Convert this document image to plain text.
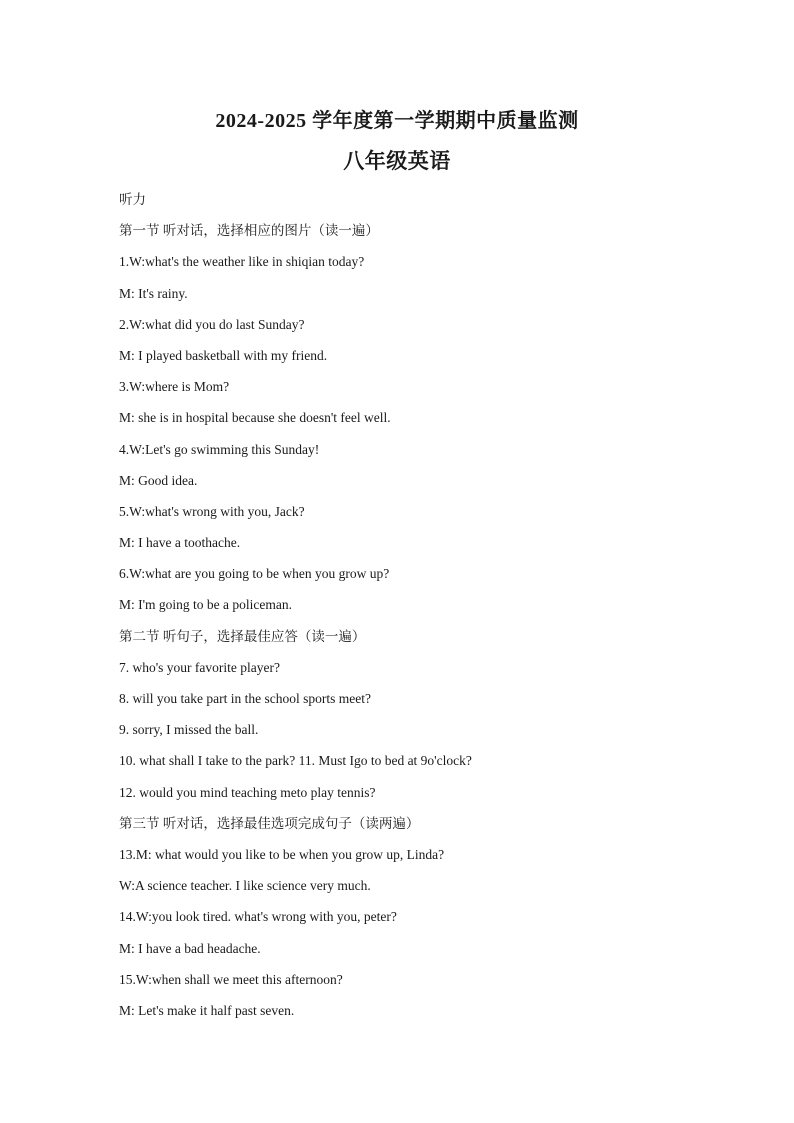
2024-2025 学年度第一学期期中质量监测
八年级英语
听力
第一节 听对话，选择相应的图片（读一遍）
1.W:what's the weather like in shiqian today?
M: It's rainy.
2.W:what did you do last Sunday?
M: I played basketball with my friend.
3.W:where is Mom?
M: she is in hospital because she doesn't feel well.
4.W:Let's go swimming this Sunday!
M: Good idea.
5.W:what's wrong with you, Jack?
M: I have a toothache.
6.W:what are you going to be when you grow up?
M: I'm going to be a policeman.
第二节 听句子，选择最佳应答（读一遍）
7. who's your favorite player?
8. will you take part in the school sports meet?
9. sorry, I missed the ball.
10. what shall I take to the park? 11. Must Igo to bed at 9o'clock?
12. would you mind teaching meto play tennis?
第三节 听对话，选择最佳选项完成句子（读两遍）
13.M: what would you like to be when you grow up, Linda?
W:A science teacher. I like science very much.
14.W:you look tired. what's wrong with you, peter?
M: I have a bad headache.
15.W:when shall we meet this afternoon?
M: Let's make it half past seven.
